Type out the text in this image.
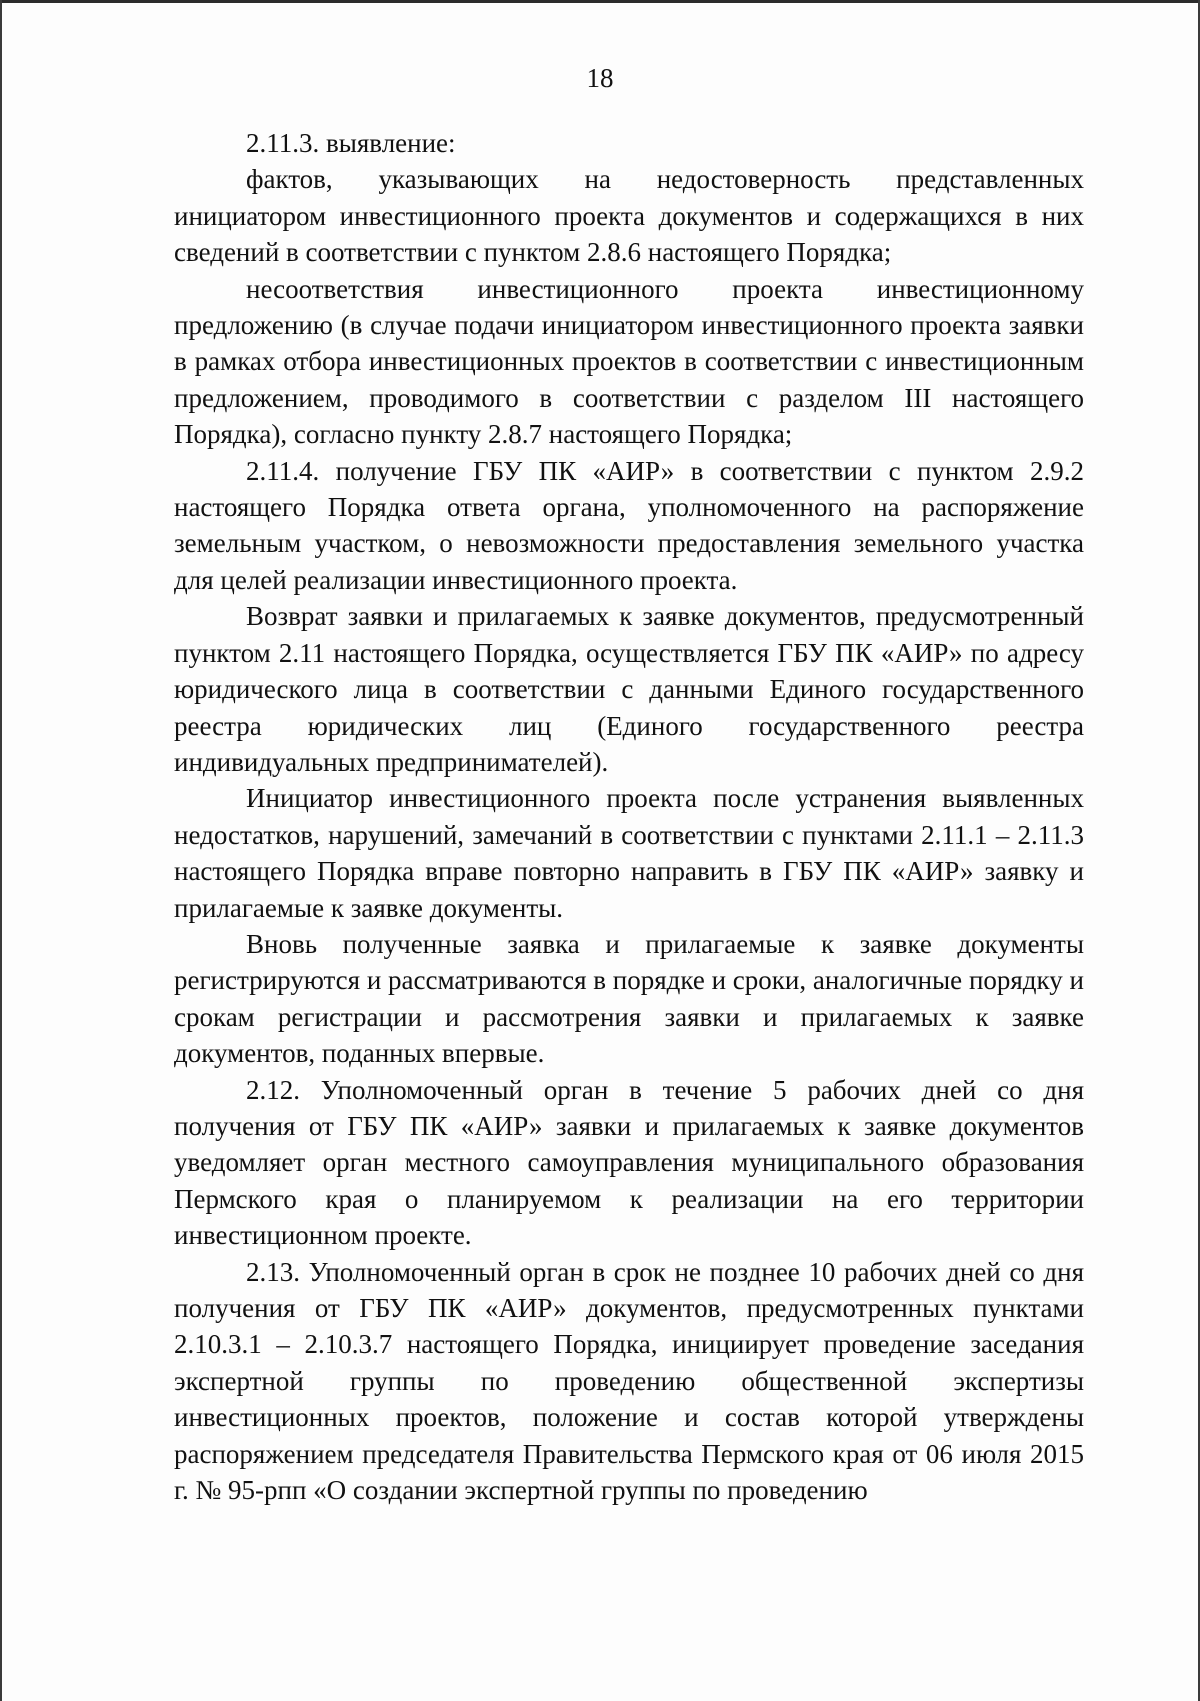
18

2.11.3. выявление:

фактов, указывающих на недостоверность представленных инициатором инвестиционного проекта документов и содержащихся в них сведений в соответствии с пунктом 2.8.6 настоящего Порядка;

несоответствия инвестиционного проекта инвестиционному предложению (в случае подачи инициатором инвестиционного проекта заявки в рамках отбора инвестиционных проектов в соответствии с инвестиционным предложением, проводимого в соответствии с разделом III настоящего Порядка), согласно пункту 2.8.7 настоящего Порядка;

2.11.4. получение ГБУ ПК «АИР» в соответствии с пунктом 2.9.2 настоящего Порядка ответа органа, уполномоченного на распоряжение земельным участком, о невозможности предоставления земельного участка для целей реализации инвестиционного проекта.

Возврат заявки и прилагаемых к заявке документов, предусмотренный пунктом 2.11 настоящего Порядка, осуществляется ГБУ ПК «АИР» по адресу юридического лица в соответствии с данными Единого государственного реестра юридических лиц (Единого государственного реестра индивидуальных предпринимателей).

Инициатор инвестиционного проекта после устранения выявленных недостатков, нарушений, замечаний в соответствии с пунктами 2.11.1 – 2.11.3 настоящего Порядка вправе повторно направить в ГБУ ПК «АИР» заявку и прилагаемые к заявке документы.

Вновь полученные заявка и прилагаемые к заявке документы регистрируются и рассматриваются в порядке и сроки, аналогичные порядку и срокам регистрации и рассмотрения заявки и прилагаемых к заявке документов, поданных впервые.

2.12. Уполномоченный орган в течение 5 рабочих дней со дня получения от ГБУ ПК «АИР» заявки и прилагаемых к заявке документов уведомляет орган местного самоуправления муниципального образования Пермского края о планируемом к реализации на его территории инвестиционном проекте.

2.13. Уполномоченный орган в срок не позднее 10 рабочих дней со дня получения от ГБУ ПК «АИР» документов, предусмотренных пунктами 2.10.3.1 – 2.10.3.7 настоящего Порядка, инициирует проведение заседания экспертной группы по проведению общественной экспертизы инвестиционных проектов, положение и состав которой утверждены распоряжением председателя Правительства Пермского края от 06 июля 2015 г. № 95-рпп «О создании экспертной группы по проведению
